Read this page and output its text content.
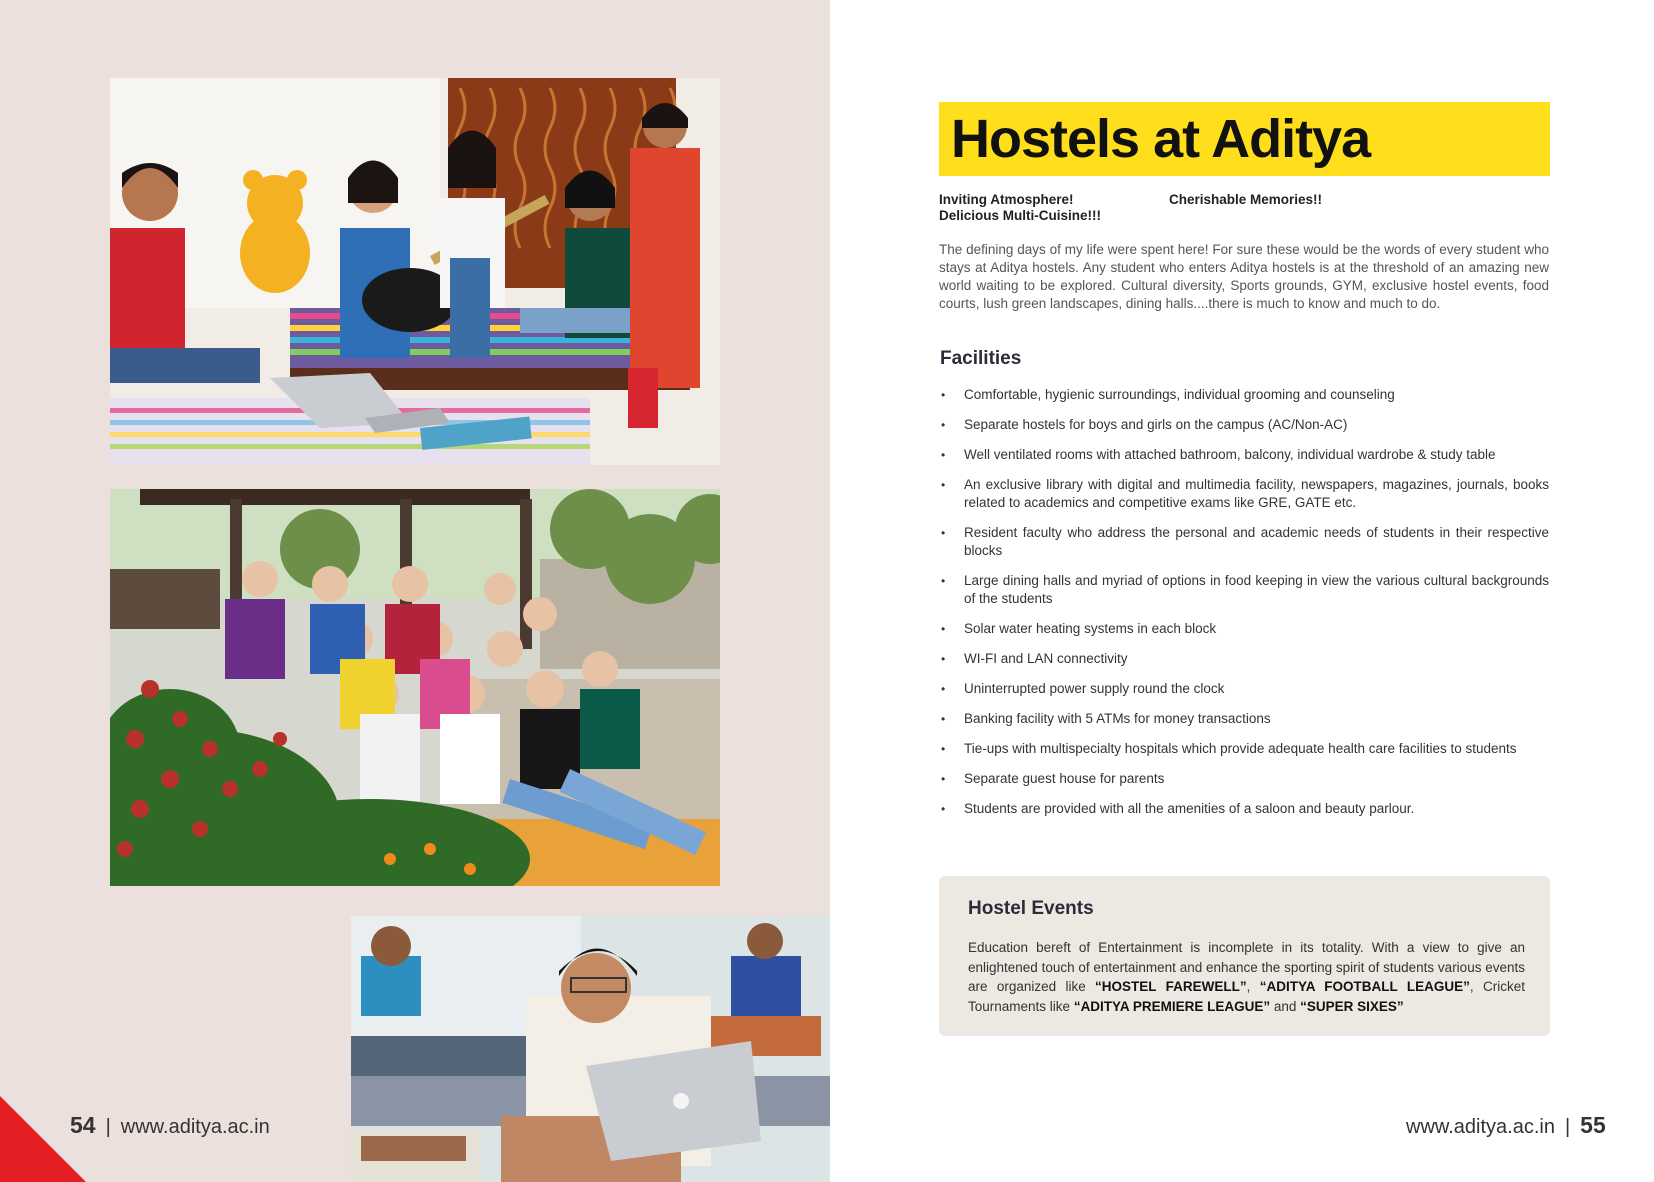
54 | www.aditya.ac.in
Hostels at Aditya
Inviting Atmosphere!
Delicious Multi-Cuisine!!!
Cherishable Memories!!

The defining days of my life were spent here! For sure these would be the words of every student who stays at Aditya hostels. Any student who enters Aditya hostels is at the threshold of an amazing new world waiting to be explored. Cultural diversity, Sports grounds, GYM, exclusive hostel events, food courts, lush green landscapes, dining halls....there is much to know and much to do.

Facilities
• Comfortable, hygienic surroundings, individual grooming and counseling
• Separate hostels for boys and girls on the campus (AC/Non-AC)
• Well ventilated rooms with attached bathroom, balcony, individual wardrobe & study table
• An exclusive library with digital and multimedia facility, newspapers, magazines, journals, books related to academics and competitive exams like GRE, GATE etc.
• Resident faculty who address the personal and academic needs of students in their respective blocks
• Large dining halls and myriad of options in food keeping in view the various cultural backgrounds of the students
• Solar water heating systems in each block
• WI-FI and LAN connectivity
• Uninterrupted power supply round the clock
• Banking facility with 5 ATMs for money transactions
• Tie-ups with multispecialty hospitals which provide adequate health care facilities to students
• Separate guest house for parents
• Students are provided with all the amenities of a saloon and beauty parlour.
Hostel Events

Education bereft of Entertainment is incomplete in its totality. With a view to give an enlightened touch of entertainment and enhance the sporting spirit of students various events are organized like “HOSTEL FAREWELL”, “ADITYA FOOTBALL LEAGUE”, Cricket Tournaments like “ADITYA PREMIERE LEAGUE” and “SUPER SIXES”

www.aditya.ac.in | 55
